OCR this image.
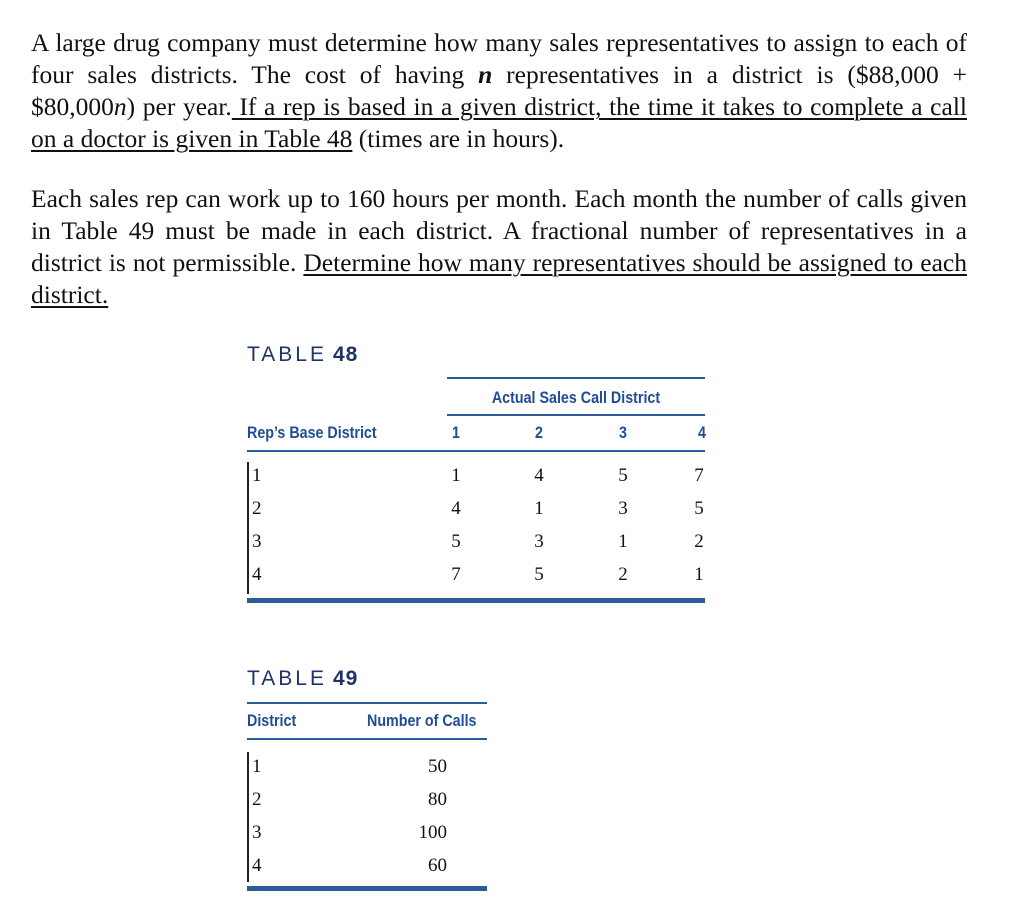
A large drug company must determine how many sales representatives to assign to each of four sales districts. The cost of having n representatives in a district is ($88,000 + $80,000n) per year. If a rep is based in a given district, the time it takes to complete a call on a doctor is given in Table 48 (times are in hours).
Each sales rep can work up to 160 hours per month. Each month the number of calls given in Table 49 must be made in each district. A fractional number of representatives in a district is not permissible. Determine how many representatives should be assigned to each district.
TABLE 48
Actual Sales Call District
Rep’s Base District	1	2	3	4
1	1	4	5	7
2	4	1	3	5
3	5	3	1	2
4	7	5	2	1
TABLE 49
District	Number of Calls
1	50
2	80
3	100
4	60
